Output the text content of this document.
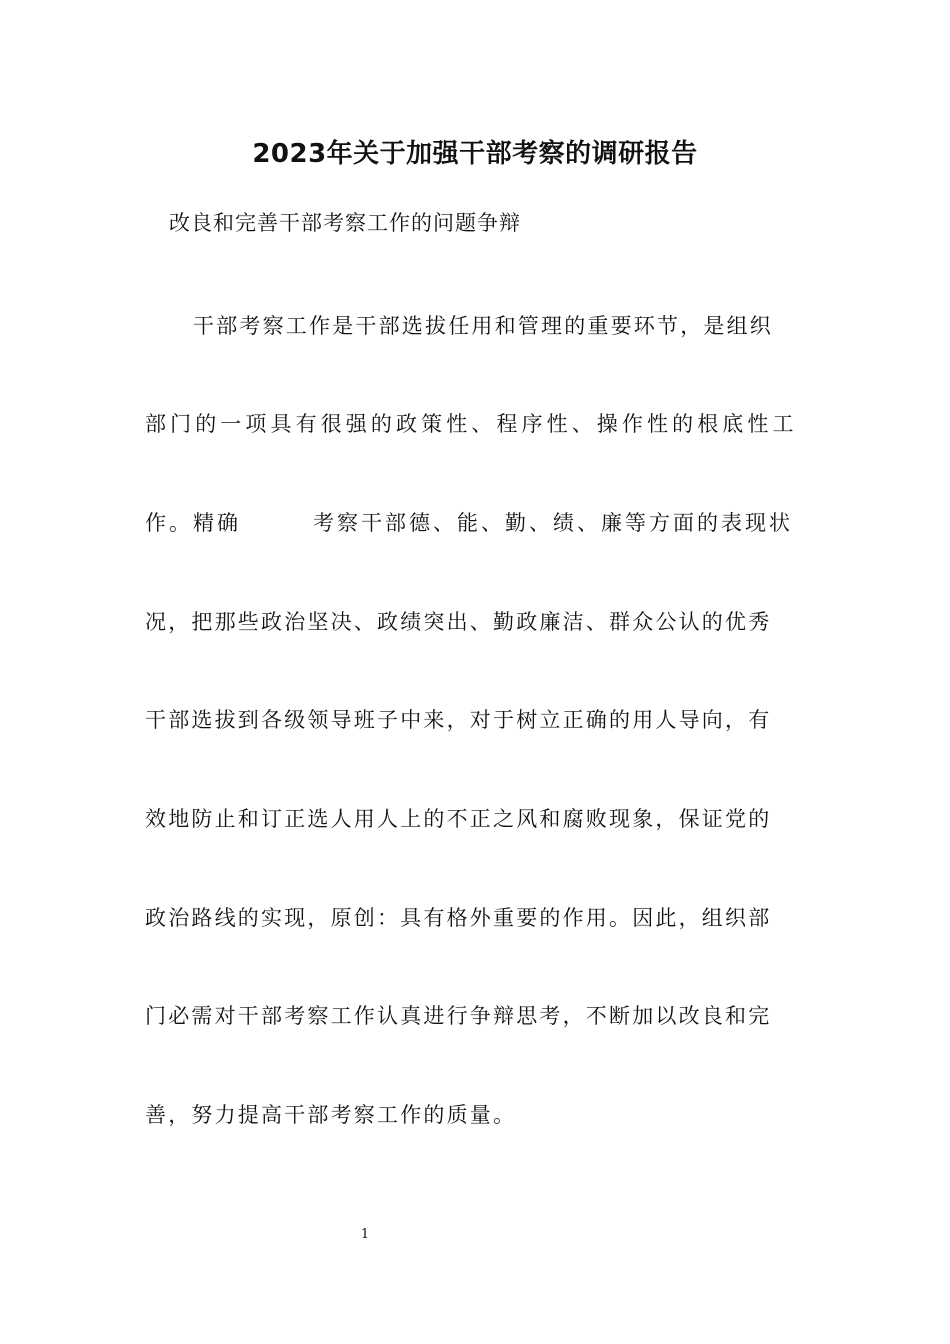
2023年关于加强干部考察的调研报告

改良和完善干部考察工作的问题争辩

干部考察工作是干部选拔任用和管理的重要环节，是组织

部门的一项具有很强的政策性、程序性、操作性的根底性工

作。精确	考察干部德、能、勤、绩、廉等方面的表现状

况，把那些政治坚决、政绩突出、勤政廉洁、群众公认的优秀

干部选拔到各级领导班子中来，对于树立正确的用人导向，有

效地防止和订正选人用人上的不正之风和腐败现象，保证党的

政治路线的实现，原创：具有格外重要的作用。因此，组织部

门必需对干部考察工作认真进行争辩思考，不断加以改良和完

善，努力提高干部考察工作的质量。

1
